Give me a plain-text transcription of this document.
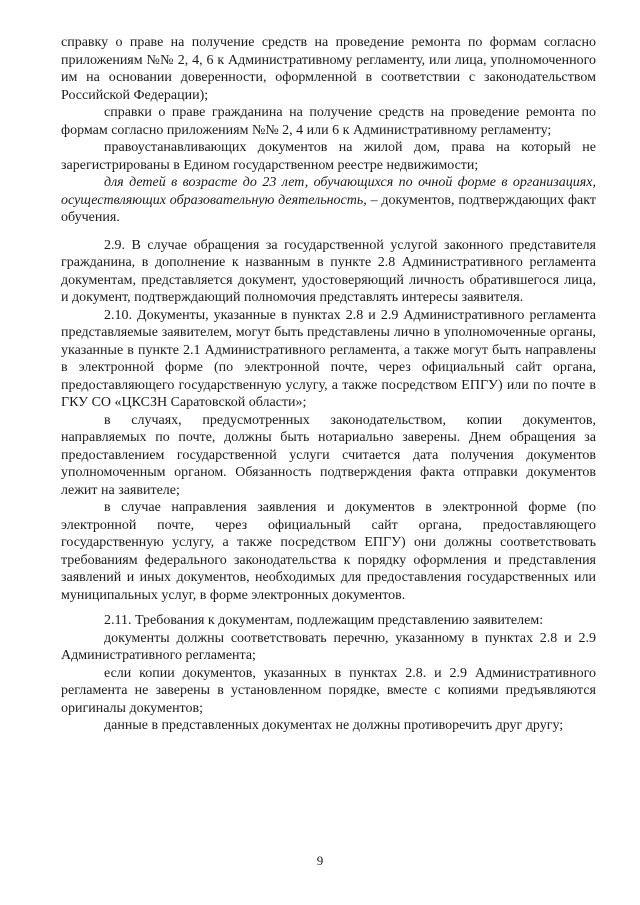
справку о праве на получение средств на проведение ремонта по формам согласно приложениям №№ 2, 4, 6 к Административному регламенту, или лица, уполномоченного им на основании доверенности, оформленной в соответствии с законодательством Российской Федерации);

справки о праве гражданина на получение средств на проведение ремонта по формам согласно приложениям №№ 2, 4 или 6 к Административному регламенту;

правоустанавливающих документов на жилой дом, права на который не зарегистрированы в Едином государственном реестре недвижимости;

для детей в возрасте до 23 лет, обучающихся по очной форме в организациях, осуществляющих образовательную деятельность, – документов, подтверждающих факт обучения.

2.9. В случае обращения за государственной услугой законного представителя гражданина, в дополнение к названным в пункте 2.8 Административного регламента документам, представляется документ, удостоверяющий личность обратившегося лица, и документ, подтверждающий полномочия представлять интересы заявителя.

2.10. Документы, указанные в пунктах 2.8 и 2.9 Административного регламента представляемые заявителем, могут быть представлены лично в уполномоченные органы, указанные в пункте 2.1 Административного регламента, а также могут быть направлены в электронной форме (по электронной почте, через официальный сайт органа, предоставляющего государственную услугу, а также посредством ЕПГУ) или по почте в ГКУ СО «ЦКСЗН Саратовской области»;

в случаях, предусмотренных законодательством, копии документов, направляемых по почте, должны быть нотариально заверены. Днем обращения за предоставлением государственной услуги считается дата получения документов уполномоченным органом. Обязанность подтверждения факта отправки документов лежит на заявителе;

в случае направления заявления и документов в электронной форме (по электронной почте, через официальный сайт органа, предоставляющего государственную услугу, а также посредством ЕПГУ) они должны соответствовать требованиям федерального законодательства к порядку оформления и представления заявлений и иных документов, необходимых для предоставления государственных или муниципальных услуг, в форме электронных документов.

2.11. Требования к документам, подлежащим представлению заявителем:

документы должны соответствовать перечню, указанному в пунктах 2.8 и 2.9 Административного регламента;

если копии документов, указанных в пунктах 2.8. и 2.9 Административного регламента не заверены в установленном порядке, вместе с копиями предъявляются оригиналы документов;

данные в представленных документах не должны противоречить друг другу;

9
